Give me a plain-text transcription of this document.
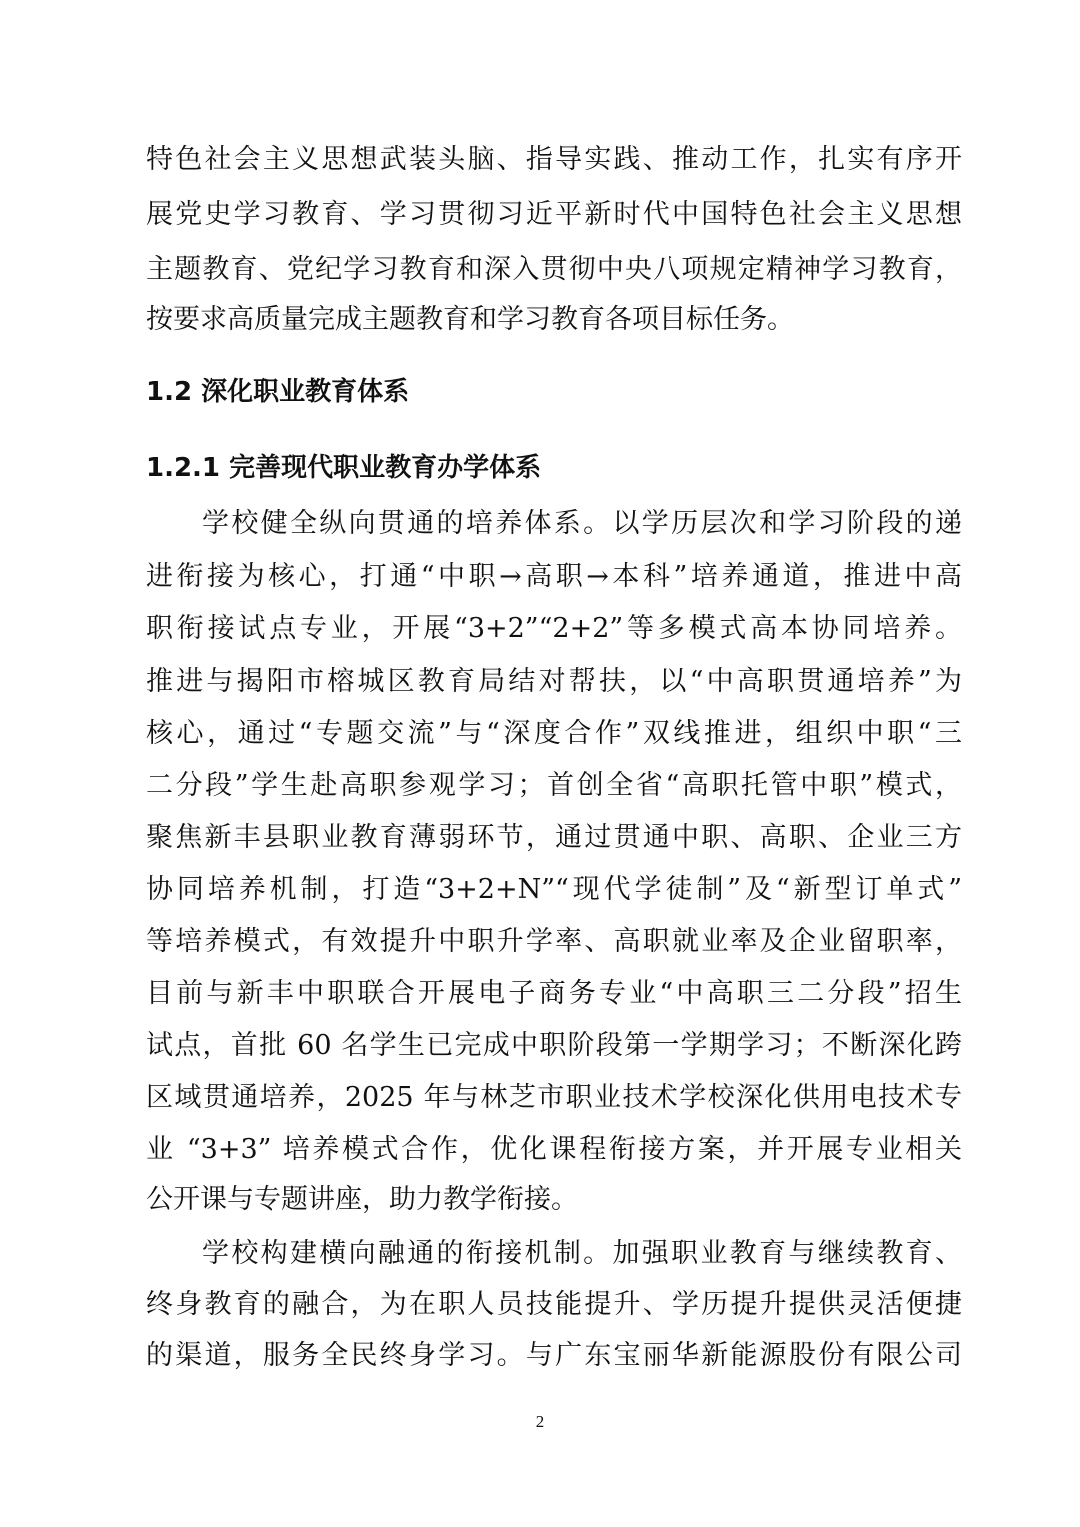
特色社会主义思想武装头脑、指导实践、推动工作，扎实有序开
展党史学习教育、学习贯彻习近平新时代中国特色社会主义思想
主题教育、党纪学习教育和深入贯彻中央八项规定精神学习教育，
按要求高质量完成主题教育和学习教育各项目标任务。
1.2 深化职业教育体系
1.2.1 完善现代职业教育办学体系
学校健全纵向贯通的培养体系。以学历层次和学习阶段的递
进衔接为核心，打通“中职→高职→本科”培养通道，推进中高
职衔接试点专业，开展“3+2”“2+2”等多模式高本协同培养。
推进与揭阳市榕城区教育局结对帮扶，以“中高职贯通培养”为
核心，通过“专题交流”与“深度合作”双线推进，组织中职“三
二分段”学生赴高职参观学习；首创全省“高职托管中职”模式，
聚焦新丰县职业教育薄弱环节，通过贯通中职、高职、企业三方
协同培养机制，打造“3+2+N”“现代学徒制”及“新型订单式”
等培养模式，有效提升中职升学率、高职就业率及企业留职率，
目前与新丰中职联合开展电子商务专业“中高职三二分段”招生
试点，首批 60 名学生已完成中职阶段第一学期学习；不断深化跨
区域贯通培养，2025 年与林芝市职业技术学校深化供用电技术专
业 “3+3” 培养模式合作，优化课程衔接方案，并开展专业相关
公开课与专题讲座，助力教学衔接。
学校构建横向融通的衔接机制。加强职业教育与继续教育、
终身教育的融合，为在职人员技能提升、学历提升提供灵活便捷
的渠道，服务全民终身学习。与广东宝丽华新能源股份有限公司
2
